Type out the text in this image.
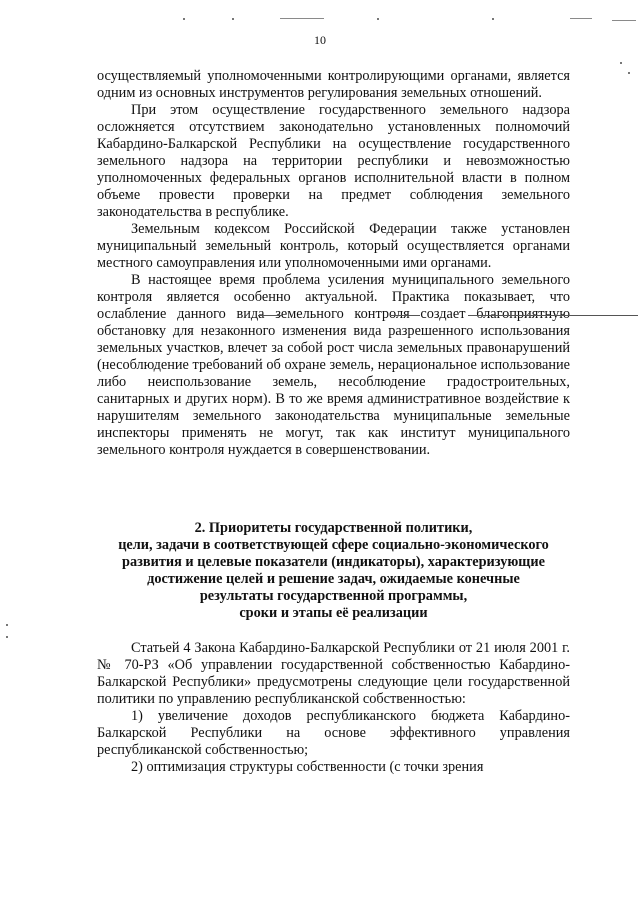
10

осуществляемый уполномоченными контролирующими органами, является одним из основных инструментов регулирования земельных отношений.

При этом осуществление государственного земельного надзора осложняется отсутствием законодательно установленных полномочий Кабардино-Балкарской Республики на осуществление государственного земельного надзора на территории республики и невозможностью уполномоченных федеральных органов исполнительной власти в полном объеме провести проверки на предмет соблюдения земельного законодательства в республике.

Земельным кодексом Российской Федерации также установлен муниципальный земельный контроль, который осуществляется органами местного самоуправления или уполномоченными ими органами.

В настоящее время проблема усиления муниципального земельного контроля является особенно актуальной. Практика показывает, что ослабление данного вида земельного контроля создает благоприятную обстановку для незаконного изменения вида разрешенного использования земельных участков, влечет за собой рост числа земельных правонарушений (несоблюдение требований об охране земель, нерациональное использование либо неиспользование земель, несоблюдение градостроительных, санитарных и других норм). В то же время административное воздействие к нарушителям земельного законодательства муниципальные земельные инспекторы применять не могут, так как институт муниципального земельного контроля нуждается в совершенствовании.

2. Приоритеты государственной политики,
цели, задачи в соответствующей сфере социально-экономического
развития и целевые показатели (индикаторы), характеризующие
достижение целей и решение задач, ожидаемые конечные
результаты государственной программы,
сроки и этапы её реализации

Статьей 4 Закона Кабардино-Балкарской Республики от 21 июля 2001 г. № 70-РЗ «Об управлении государственной собственностью Кабардино-Балкарской Республики» предусмотрены следующие цели государственной политики по управлению республиканской собственностью:

1) увеличение доходов республиканского бюджета Кабардино-Балкарской Республики на основе эффективного управления республиканской собственностью;

2) оптимизация структуры собственности (с точки зрения
